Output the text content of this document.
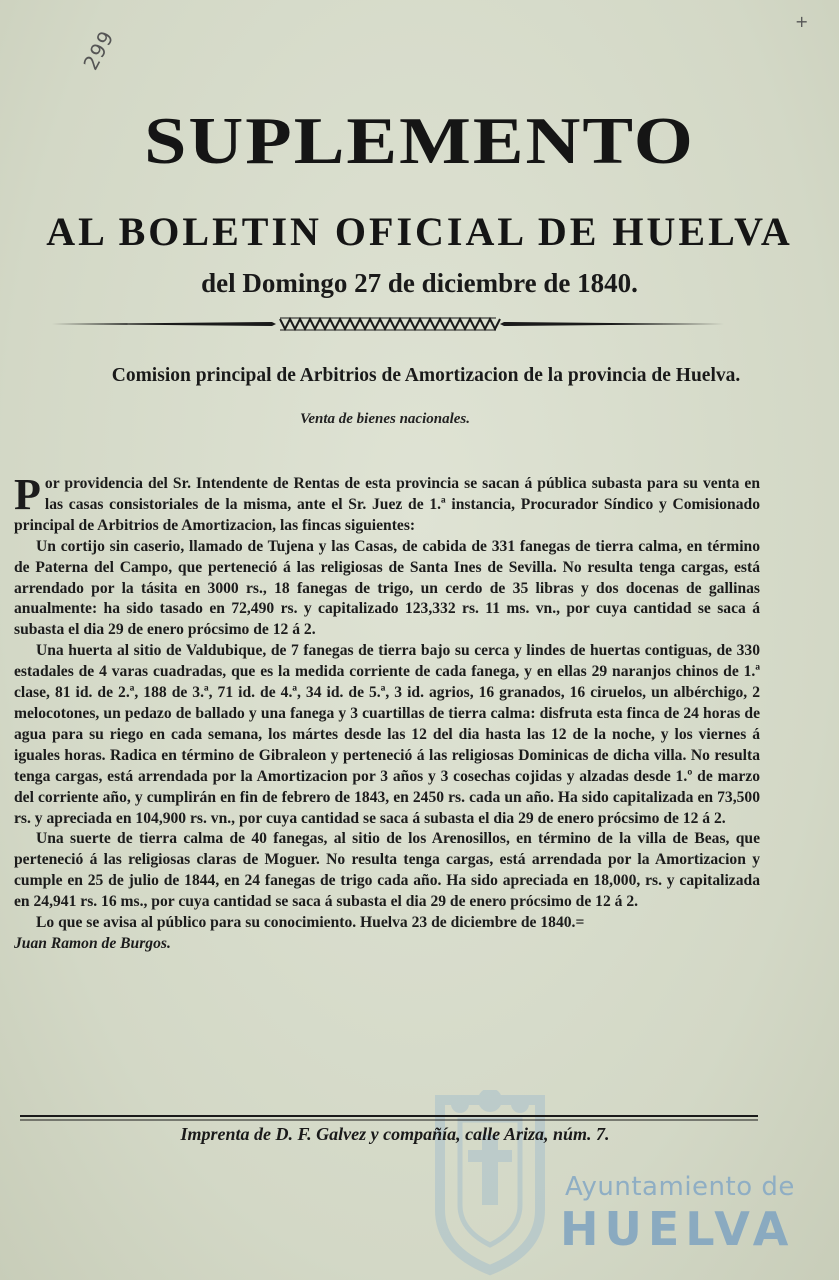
299
+
SUPLEMENTO
AL BOLETIN OFICIAL DE HUELVA
del Domingo 27 de diciembre de 1840.
Comision principal de Arbitrios de Amortizacion de la provincia de Huelva.
Venta de bienes nacionales.

Por providencia del Sr. Intendente de Rentas de esta provincia se sacan á pública subasta para su venta en las casas consistoriales de la misma, ante el Sr. Juez de 1.ª instancia, Procurador Síndico y Comisionado principal de Arbitrios de Amortizacion, las fincas siguientes:

Un cortijo sin caserio, llamado de Tujena y las Casas, de cabida de 331 fanegas de tierra calma, en término de Paterna del Campo, que perteneció á las religiosas de Santa Ines de Sevilla. No resulta tenga cargas, está arrendado por la tásita en 3000 rs., 18 fanegas de trigo, un cerdo de 35 libras y dos docenas de gallinas anualmente: ha sido tasado en 72,490 rs. y capitalizado 123,332 rs. 11 ms. vn., por cuya cantidad se saca á subasta el dia 29 de enero prócsimo de 12 á 2.

Una huerta al sitio de Valdubique, de 7 fanegas de tierra bajo su cerca y lindes de huertas contiguas, de 330 estadales de 4 varas cuadradas, que es la medida corriente de cada fanega, y en ellas 29 naranjos chinos de 1.ª clase, 81 id. de 2.ª, 188 de 3.ª, 71 id. de 4.ª, 34 id. de 5.ª, 3 id. agrios, 16 granados, 16 ciruelos, un albérchigo, 2 melocotones, un pedazo de ballado y una fanega y 3 cuartillas de tierra calma: disfruta esta finca de 24 horas de agua para su riego en cada semana, los mártes desde las 12 del dia hasta las 12 de la noche, y los viernes á iguales horas. Radica en término de Gibraleon y perteneció á las religiosas Dominicas de dicha villa. No resulta tenga cargas, está arrendada por la Amortizacion por 3 años y 3 cosechas cojidas y alzadas desde 1.º de marzo del corriente año, y cumplirán en fin de febrero de 1843, en 2450 rs. cada un año. Ha sido capitalizada en 73,500 rs. y apreciada en 104,900 rs. vn., por cuya cantidad se saca á subasta el dia 29 de enero prócsimo de 12 á 2.

Una suerte de tierra calma de 40 fanegas, al sitio de los Arenosillos, en término de la villa de Beas, que perteneció á las religiosas claras de Moguer. No resulta tenga cargas, está arrendada por la Amortizacion y cumple en 25 de julio de 1844, en 24 fanegas de trigo cada año. Ha sido apreciada en 18,000, rs. y capitalizada en 24,941 rs. 16 ms., por cuya cantidad se saca á subasta el dia 29 de enero prócsimo de 12 á 2.

Lo que se avisa al público para su conocimiento. Huelva 23 de diciembre de 1840.=

Juan Ramon de Burgos.

Ayuntamiento de
HUELVA
Imprenta de D. F. Galvez y compañía, calle Ariza, núm. 7.
